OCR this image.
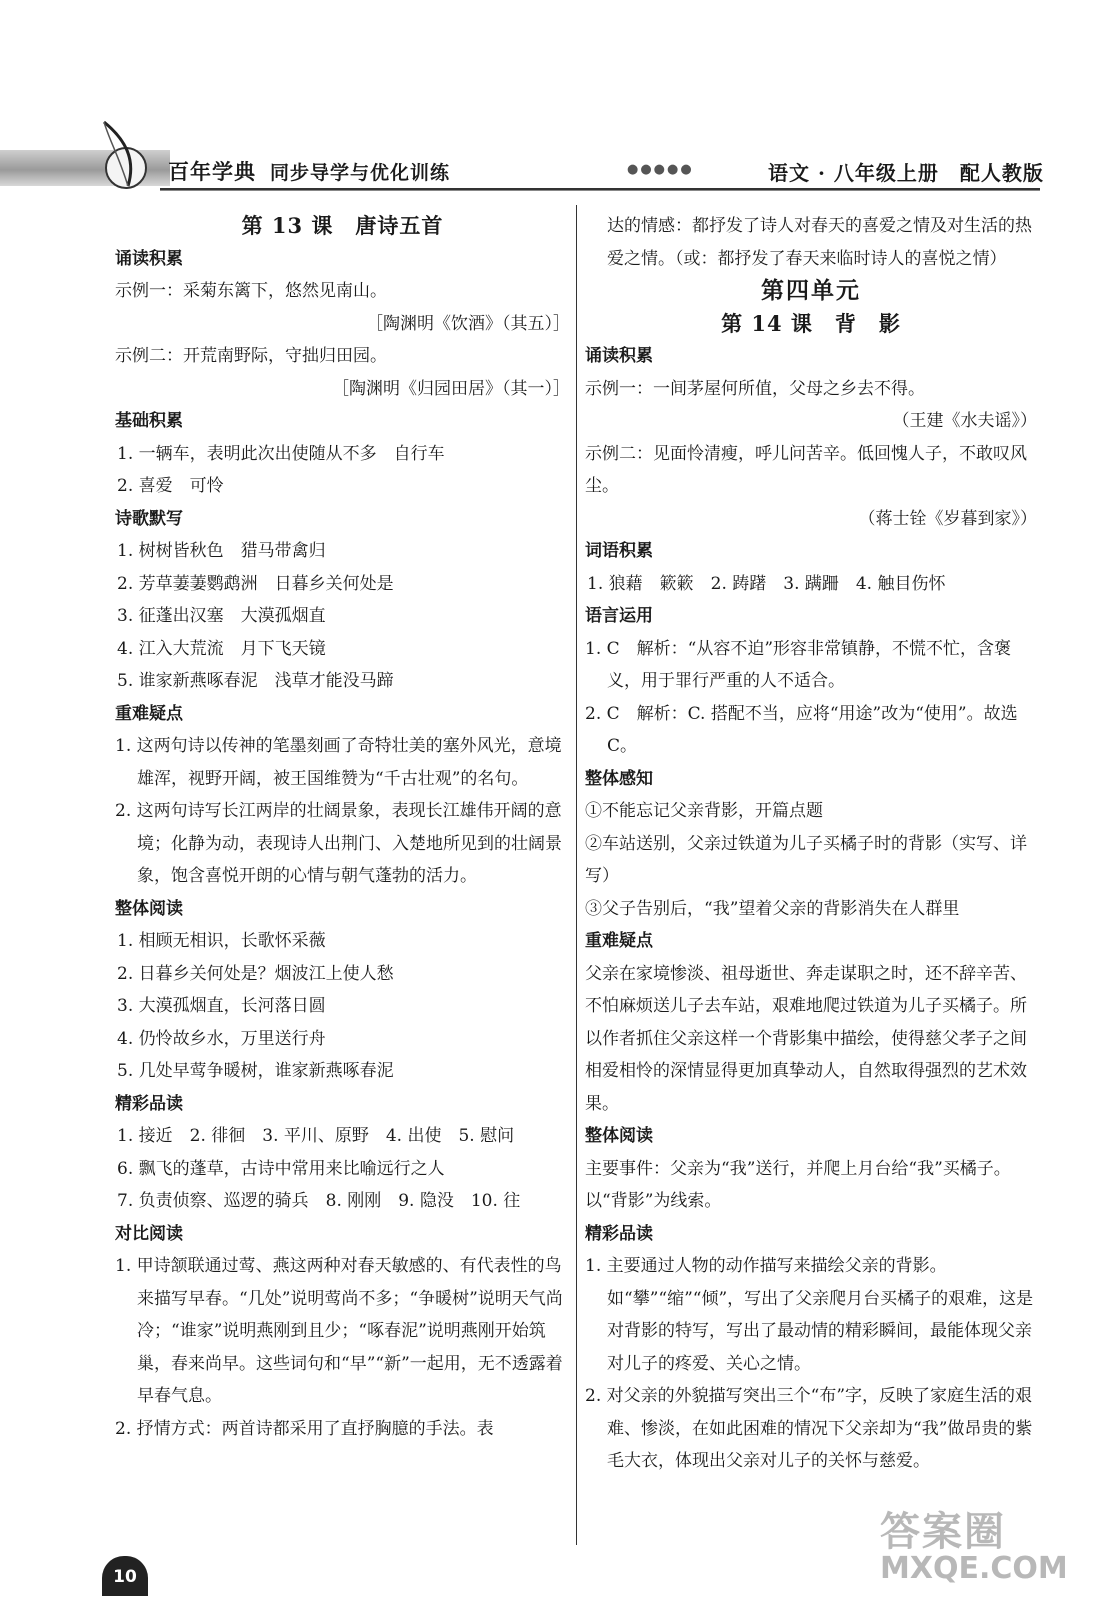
百年学典 同步导学与优化训练	●●●●●	语文 · 八年级上册　配人教版

第 13 课　唐诗五首

诵读积累

示例一：采菊东篱下，悠然见南山。

［陶渊明《饮酒》（其五）］

示例二：开荒南野际，守拙归田园。

［陶渊明《归园田居》（其一）］

基础积累

1. 一辆车，表明此次出使随从不多　自行车

2. 喜爱　可怜

诗歌默写

1. 树树皆秋色　猎马带禽归

2. 芳草萋萋鹦鹉洲　日暮乡关何处是

3. 征蓬出汉塞　大漠孤烟直

4. 江入大荒流　月下飞天镜

5. 谁家新燕啄春泥　浅草才能没马蹄

重难疑点

1. 这两句诗以传神的笔墨刻画了奇特壮美的塞外风光，意境雄浑，视野开阔，被王国维赞为“千古壮观”的名句。

2. 这两句诗写长江两岸的壮阔景象，表现长江雄伟开阔的意境；化静为动，表现诗人出荆门、入楚地所见到的壮阔景象，饱含喜悦开朗的心情与朝气蓬勃的活力。

整体阅读

1. 相顾无相识，长歌怀采薇

2. 日暮乡关何处是？烟波江上使人愁

3. 大漠孤烟直，长河落日圆

4. 仍怜故乡水，万里送行舟

5. 几处早莺争暖树，谁家新燕啄春泥

精彩品读

1. 接近　2. 徘徊　3. 平川、原野　4. 出使　5. 慰问

6. 飘飞的蓬草，古诗中常用来比喻远行之人

7. 负责侦察、巡逻的骑兵　8. 刚刚　9. 隐没　10. 往

对比阅读

1. 甲诗颔联通过莺、燕这两种对春天敏感的、有代表性的鸟来描写早春。“几处”说明莺尚不多；“争暖树”说明天气尚冷；“谁家”说明燕刚到且少；“啄春泥”说明燕刚开始筑巢，春来尚早。这些词句和“早”“新”一起用，无不透露着早春气息。

2. 抒情方式：两首诗都采用了直抒胸臆的手法。表

达的情感：都抒发了诗人对春天的喜爱之情及对生活的热爱之情。（或：都抒发了春天来临时诗人的喜悦之情）

第四单元

第 14 课　背　影

诵读积累

示例一：一间茅屋何所值，父母之乡去不得。

（王建《水夫谣》）

示例二：见面怜清瘦，呼儿问苦辛。低回愧人子，不敢叹风尘。

（蒋士铨《岁暮到家》）

词语积累

1. 狼藉　簌簌　2. 踌躇　3. 蹒跚　4. 触目伤怀

语言运用

1. C　解析：“从容不迫”形容非常镇静，不慌不忙，含褒义，用于罪行严重的人不适合。

2. C　解析：C. 搭配不当，应将“用途”改为“使用”。故选 C。

整体感知

①不能忘记父亲背影，开篇点题

②车站送别，父亲过铁道为儿子买橘子时的背影（实写、详写）

③父子告别后，“我”望着父亲的背影消失在人群里

重难疑点

父亲在家境惨淡、祖母逝世、奔走谋职之时，还不辞辛苦、不怕麻烦送儿子去车站，艰难地爬过铁道为儿子买橘子。所以作者抓住父亲这样一个背影集中描绘，使得慈父孝子之间相爱相怜的深情显得更加真挚动人，自然取得强烈的艺术效果。

整体阅读

主要事件：父亲为“我”送行，并爬上月台给“我”买橘子。以“背影”为线索。

精彩品读

1. 主要通过人物的动作描写来描绘父亲的背影。如“攀”“缩”“倾”，写出了父亲爬月台买橘子的艰难，这是对背影的特写，写出了最动情的精彩瞬间，最能体现父亲对儿子的疼爱、关心之情。

2. 对父亲的外貌描写突出三个“布”字，反映了家庭生活的艰难、惨淡，在如此困难的情况下父亲却为“我”做昂贵的紫毛大衣，体现出父亲对儿子的关怀与慈爱。

10
答案圈
MXQE.COM
